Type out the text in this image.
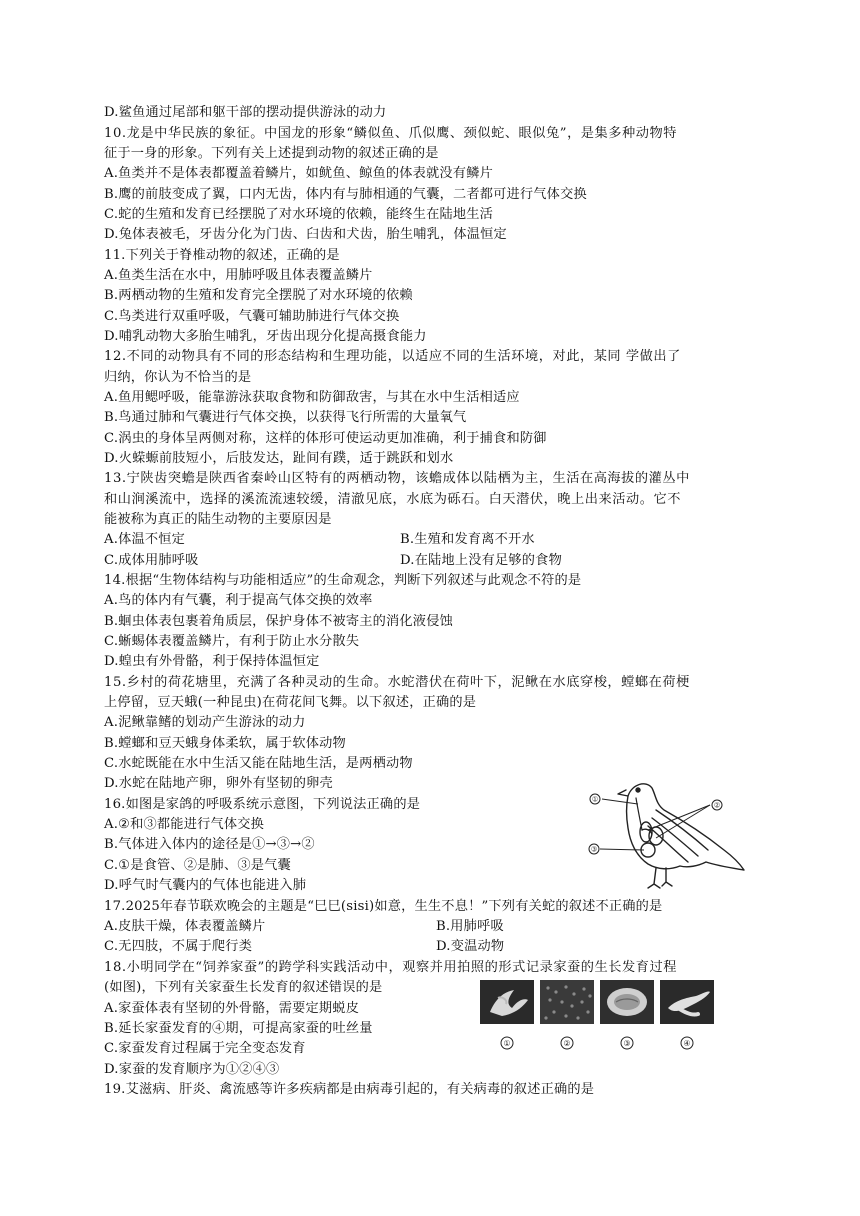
D.鲨鱼通过尾部和躯干部的摆动提供游泳的动力
10.龙是中华民族的象征。中国龙的形象“鳞似鱼、爪似鹰、颈似蛇、眼似兔”，是集多种动物特
征于一身的形象。下列有关上述提到动物的叙述正确的是
A.鱼类并不是体表都覆盖着鳞片，如鱿鱼、鲸鱼的体表就没有鳞片
B.鹰的前肢变成了翼，口内无齿，体内有与肺相通的气囊，二者都可进行气体交换
C.蛇的生殖和发育已经摆脱了对水环境的依赖，能终生在陆地生活
D.兔体表被毛，牙齿分化为门齿、臼齿和犬齿，胎生哺乳，体温恒定
11.下列关于脊椎动物的叙述，正确的是
A.鱼类生活在水中，用肺呼吸且体表覆盖鳞片
B.两栖动物的生殖和发育完全摆脱了对水环境的依赖
C.鸟类进行双重呼吸，气囊可辅助肺进行气体交换
D.哺乳动物大多胎生哺乳，牙齿出现分化提高摄食能力
12.不同的动物具有不同的形态结构和生理功能，以适应不同的生活环境，对此，某同 学做出了
归纳，你认为不恰当的是
A.鱼用鳃呼吸，能靠游泳获取食物和防御敌害，与其在水中生活相适应
B.鸟通过肺和气囊进行气体交换，以获得飞行所需的大量氧气
C.涡虫的身体呈两侧对称，这样的体形可使运动更加准确，利于捕食和防御
D.火蝾螈前肢短小，后肢发达，趾间有蹼，适于跳跃和划水
13.宁陕齿突蟾是陕西省秦岭山区特有的两栖动物，该蟾成体以陆栖为主，生活在高海拔的灌丛中
和山涧溪流中，选择的溪流流速较缓，清澈见底，水底为砾石。白天潜伏，晚上出来活动。它不
能被称为真正的陆生动物的主要原因是
A.体温不恒定	B.生殖和发育离不开水
C.成体用肺呼吸	D.在陆地上没有足够的食物
14.根据“生物体结构与功能相适应”的生命观念，判断下列叙述与此观念不符的是
A.鸟的体内有气囊，利于提高气体交换的效率
B.蛔虫体表包裹着角质层，保护身体不被寄主的消化液侵蚀
C.蜥蜴体表覆盖鳞片，有利于防止水分散失
D.蝗虫有外骨骼，利于保持体温恒定
15.乡村的荷花塘里，充满了各种灵动的生命。水蛇潜伏在荷叶下，泥鳅在水底穿梭，螳螂在荷梗
上停留，豆天蛾(一种昆虫)在荷花间飞舞。以下叙述，正确的是
A.泥鳅靠鳍的划动产生游泳的动力
B.螳螂和豆天蛾身体柔软，属于软体动物
C.水蛇既能在水中生活又能在陆地生活，是两栖动物
D.水蛇在陆地产卵，卵外有坚韧的卵壳
16.如图是家鸽的呼吸系统示意图，下列说法正确的是
A.②和③都能进行气体交换
B.气体进入体内的途径是①→③→②
C.①是食管、②是肺、③是气囊
D.呼气时气囊内的气体也能进入肺
①
②
③
17.2025年春节联欢晚会的主题是“巳巳(sisi)如意，生生不息！”下列有关蛇的叙述不正确的是
A.皮肤干燥，体表覆盖鳞片	B.用肺呼吸
C.无四肢，不属于爬行类	D.变温动物
18.小明同学在“饲养家蚕”的跨学科实践活动中，观察并用拍照的形式记录家蚕的生长发育过程
(如图)，下列有关家蚕生长发育的叙述错误的是
A.家蚕体表有坚韧的外骨骼，需要定期蜕皮
B.延长家蚕发育的④期，可提高家蚕的吐丝量
C.家蚕发育过程属于完全变态发育
D.家蚕的发育顺序为①②④③
①	②	③	④
19.艾滋病、肝炎、禽流感等许多疾病都是由病毒引起的，有关病毒的叙述正确的是
